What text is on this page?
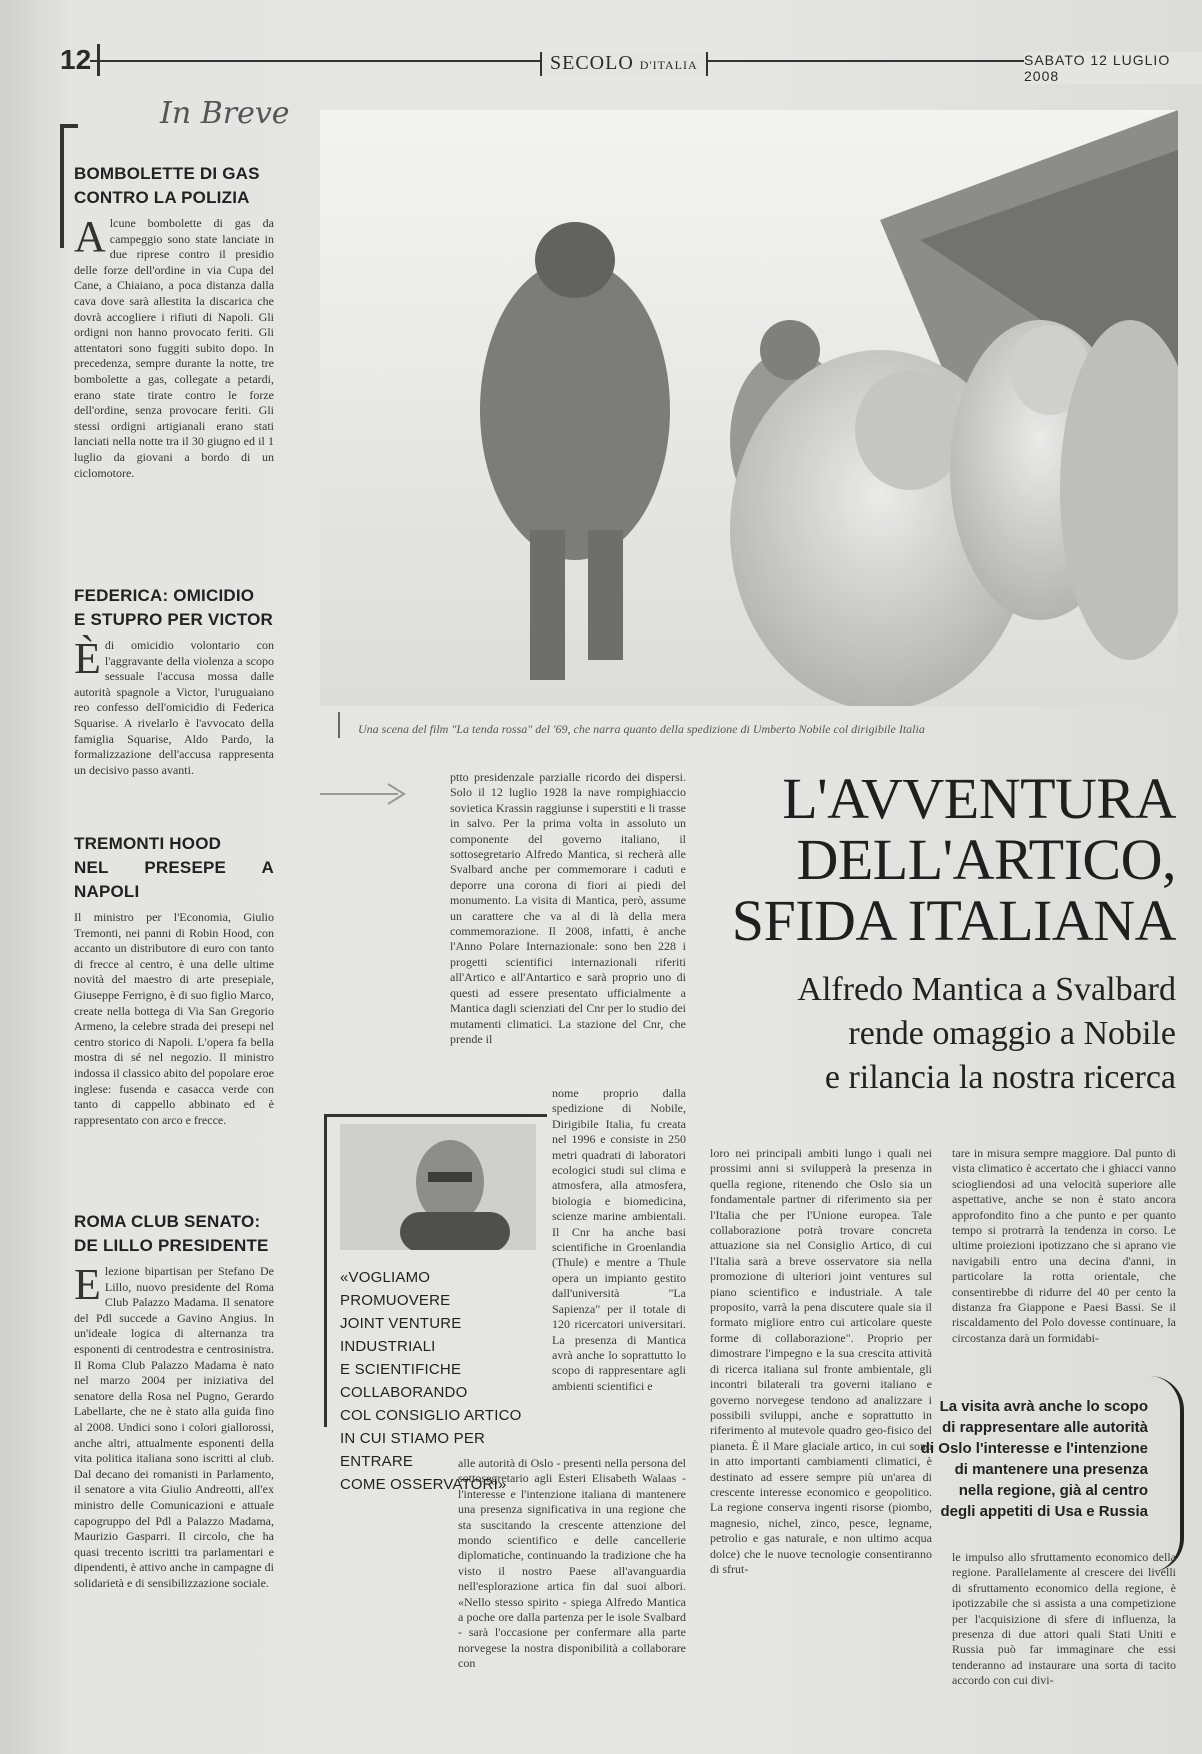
12	SECOLO D'ITALIA	SABATO 12 LUGLIO 2008
In Breve
BOMBOLETTE DI GAS
CONTRO LA POLIZIA
A lcune bombolette di gas da campeggio sono state lanciate in due riprese contro il presidio delle forze dell'ordine in via Cupa del Cane, a Chiaiano, a poca distanza dalla cava dove sarà allestita la discarica che dovrà accogliere i rifiuti di Napoli. Gli ordigni non hanno provocato feriti. Gli attentatori sono fuggiti subito dopo. In precedenza, sempre durante la notte, tre bombolette a gas, collegate a petardi, erano state tirate contro le forze dell'ordine, senza provocare feriti. Gli stessi ordigni artigianali erano stati lanciati nella notte tra il 30 giugno ed il 1 luglio da giovani a bordo di un ciclomotore.
FEDERICA: OMICIDIO
E STUPRO PER VICTOR
È di omicidio volontario con l'aggravante della violenza a scopo sessuale l'accusa mossa dalle autorità spagnole a Victor, l'uruguaiano reo confesso dell'omicidio di Federica Squarise. A rivelarlo è l'avvocato della famiglia Squarise, Aldo Pardo, la formalizzazione dell'accusa rappresenta un decisivo passo avanti.
TREMONTI HOOD
NEL PRESEPE A NAPOLI
Il ministro per l'Economia, Giulio Tremonti, nei panni di Robin Hood, con accanto un distributore di euro con tanto di frecce al centro, è una delle ultime novità del maestro di arte presepiale, Giuseppe Ferrigno, è di suo figlio Marco, create nella bottega di Via San Gregorio Armeno, la celebre strada dei presepi nel centro storico di Napoli. L'opera fa bella mostra di sé nel negozio. Il ministro indossa il classico abito del popolare eroe inglese: fusenda e casacca verde con tanto di cappello abbinato ed è rappresentato con arco e frecce.
ROMA CLUB SENATO:
DE LILLO PRESIDENTE
E lezione bipartisan per Stefano De Lillo, nuovo presidente del Roma Club Palazzo Madama. Il senatore del Pdl succede a Gavino Angius. In un'ideale logica di alternanza tra esponenti di centrodestra e centrosinistra. Il Roma Club Palazzo Madama è nato nel marzo 2004 per iniziativa del senatore della Rosa nel Pugno, Gerardo Labellarte, che ne è stato alla guida fino al 2008. Undici sono i colori giallorossi, anche altri, attualmente esponenti della vita politica italiana sono iscritti al club. Dal decano dei romanisti in Parlamento, il senatore a vita Giulio Andreotti, all'ex ministro delle Comunicazioni e attuale capogruppo del Pdl a Palazzo Madama, Maurizio Gasparri. Il circolo, che ha quasi trecento iscritti tra parlamentari e dipendenti, è attivo anche in campagne di solidarietà e di sensibilizzazione sociale.
Una scena del film "La tenda rossa" del '69, che narra quanto della spedizione di Umberto Nobile col dirigibile Italia
L'AVVENTURA
DELL'ARTICO,
SFIDA ITALIANA
Alfredo Mantica a Svalbard
rende omaggio a Nobile
e rilancia la nostra ricerca
ptto presidenzale parzialle ricordo dei dispersi. Solo il 12 luglio 1928 la nave rompighiaccio sovietica Krassin raggiunse i superstiti e li trasse in salvo. Per la prima volta in assoluto un componente del governo italiano, il sottosegretario Alfredo Mantica, si recherà alle Svalbard anche per commemorare i caduti e deporre una corona di fiori ai piedi del monumento. La visita di Mantica, però, assume un carattere che va al di là della mera commemorazione. Il 2008, infatti, è anche l'Anno Polare Internazionale: sono ben 228 i progetti scientifici internazionali riferiti all'Artico e all'Antartico e sarà proprio uno di questi ad essere presentato ufficialmente a Mantica dagli scienziati del Cnr per lo studio dei mutamenti climatici. La stazione del Cnr, che prende il
nome proprio dalla spedizione di Nobile, Dirigibile Italia, fu creata nel 1996 e consiste in 250 metri quadrati di laboratori ecologici studi sul clima e atmosfera, alla atmosfera, biologia e biomedicina, scienze marine ambientali. Il Cnr ha anche basi scientifiche in Groenlandia (Thule) e mentre a Thule opera un impianto gestito dall'università "La Sapienza" per il totale di 120 ricercatori universitari. La presenza di Mantica avrà anche lo soprattutto lo scopo di rappresentare agli ambienti scientifici e
alle autorità di Oslo - presenti nella persona del sottosegretario agli Esteri Elisabeth Walaas - l'interesse e l'intenzione italiana di mantenere una presenza significativa in una regione che sta suscitando la crescente attenzione del mondo scientifico e delle cancellerie diplomatiche, continuando la tradizione che ha visto il nostro Paese all'avanguardia nell'esplorazione artica fin dal suoi albori. «Nello stesso spirito - spiega Alfredo Mantica a poche ore dalla partenza per le isole Svalbard - sarà l'occasione per confermare alla parte norvegese la nostra disponibilità a collaborare con
«VOGLIAMO PROMUOVERE
JOINT VENTURE INDUSTRIALI
E SCIENTIFICHE COLLABORANDO
COL CONSIGLIO ARTICO
IN CUI STIAMO PER ENTRARE
COME OSSERVATORI»
loro nei principali ambiti lungo i quali nei prossimi anni si svilupperà la presenza in quella regione, ritenendo che Oslo sia un fondamentale partner di riferimento sia per l'Italia che per l'Unione europea. Tale collaborazione potrà trovare concreta attuazione sia nel Consiglio Artico, di cui l'Italia sarà a breve osservatore sia nella promozione di ulteriori joint ventures sul piano scientifico e industriale. A tale proposito, varrà la pena discutere quale sia il formato migliore entro cui articolare queste forme di collaborazione". Proprio per dimostrare l'impegno e la sua crescita attività di ricerca italiana sul fronte ambientale, gli incontri bilaterali tra governi italiano e governo norvegese tendono ad analizzare i possibili sviluppi, anche e soprattutto in riferimento al mutevole quadro geo-fisico del pianeta. È il Mare glaciale artico, in cui sono in atto importanti cambiamenti climatici, è destinato ad essere sempre più un'area di crescente interesse economico e geopolitico. La regione conserva ingenti risorse (piombo, magnesio, nichel, zinco, pesce, legname, petrolio e gas naturale, e non ultimo acqua dolce) che le nuove tecnologie consentiranno di sfrut-
tare in misura sempre maggiore. Dal punto di vista climatico è accertato che i ghiacci vanno sciogliendosi ad una velocità superiore alle aspettative, anche se non è stato ancora approfondito fino a che punto e per quanto tempo si protrarrà la tendenza in corso. Le ultime proiezioni ipotizzano che si aprano vie navigabili entro una decina d'anni, in particolare la rotta orientale, che consentirebbe di ridurre del 40 per cento la distanza fra Giappone e Paesi Bassi. Se il riscaldamento del Polo dovesse continuare, la circostanza darà un formidabi-
La visita avrà anche lo scopo
di rappresentare alle autorità
di Oslo l'interesse e l'intenzione
di mantenere una presenza
nella regione, già al centro
degli appetiti di Usa e Russia
le impulso allo sfruttamento economico della regione. Parallelamente al crescere dei livelli di sfruttamento economico della regione, è ipotizzabile che si assista a una competizione per l'acquisizione di sfere di influenza, la presenza di due attori quali Stati Uniti e Russia può far immaginare che essi tenderanno ad instaurare una sorta di tacito accordo con cui divi-
